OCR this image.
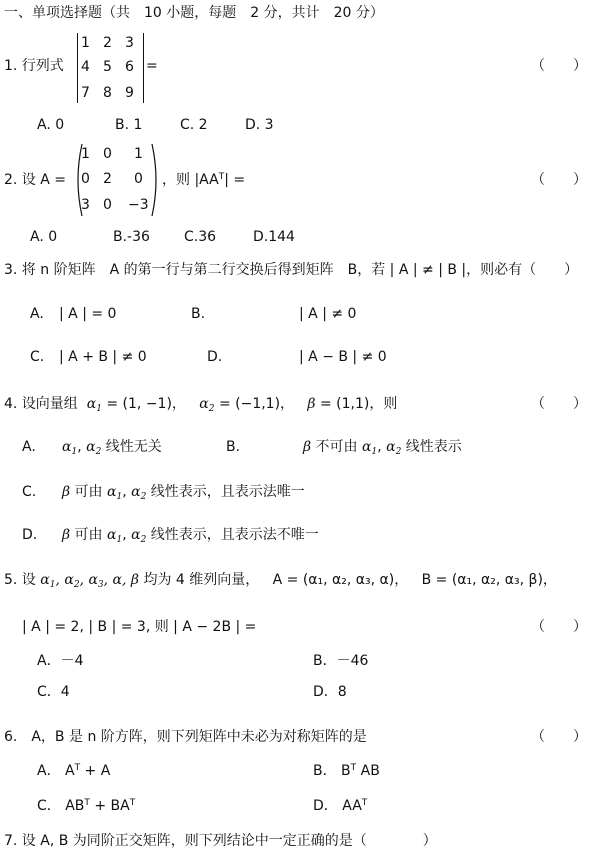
一、单项选择题（共　10 小题，每题　2 分，共计　20 分）
1. 行列式
1 2 3
4 5 6
7 8 9
=	（　　）
A. 0	B. 1	C. 2	D. 3
2. 设 A =
1 0 1
0 2 0
3 0 −3
，则 $|AA^T|$ =	（　　）
A. 0	B.-36 C.36	D.144
3. 将 n 阶矩阵　A 的第一行与第二行交换后得到矩阵　B，若 | A | ≠ | B |，则必有（　　）
A. | A | = 0	B.	| A | ≠ 0
C. | A + B | ≠ 0	D.	| A − B | ≠ 0
4. 设向量组 $\alpha_1 = (1$, −1)， $\alpha_2 = (-1,1)$， β = (1,1)，则	（　　）
A. $\alpha_1$, $\alpha_2$ 线性无关	B.	β 不可由 $\alpha_1$, $\alpha_2$ 线性表示
C. β 可由 $\alpha_1$, $\alpha_2$ 线性表示，且表示法唯一
D. β 可由 $\alpha_1$, $\alpha_2$ 线性表示，且表示法不唯一
5. 设 $\alpha_1$, $\alpha_2$, $\alpha_3$, α, β 均为 4 维列向量， A = (α₁, α₂, α₃, α)， B = (α₁, α₂, α₃, β)，
| A | = 2, | B | = 3, 则 | A − 2B | =	（　　）
A．－4	B．－46
C．4	D．8
6.　A，B 是 n 阶方阵，则下列矩阵中未必为对称矩阵的是	（　　）
A． $A^T + A$	B． $B^T$ AB
C． $AB^T + BA^T$	D． $AA^T$
7. 设 A, B 为同阶正交矩阵，则下列结论中一定正确的是（　　　　）
